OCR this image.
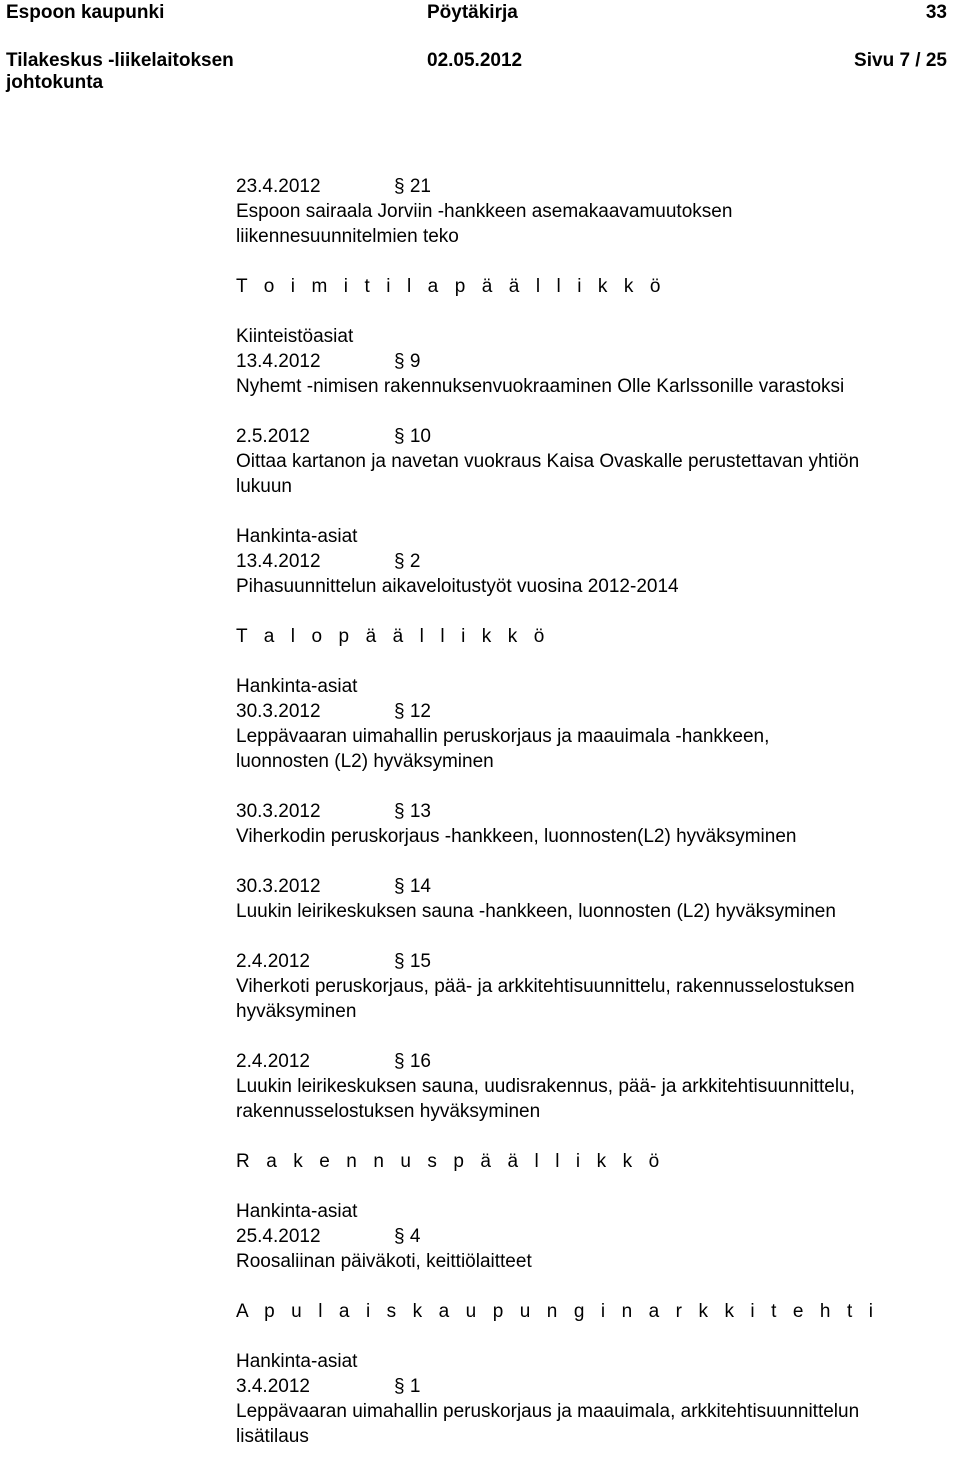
Espoon kaupunki	Pöytäkirja	33
Tilakeskus -liikelaitoksen
johtokunta
02.05.2012	Sivu 7 / 25
23.4.2012	§ 21
Espoon sairaala Jorviin -hankkeen asemakaavamuutoksen
liikennesuunnitelmien teko
T o i m i t i l a p ä ä l l i k k ö
Kiinteistöasiat
13.4.2012	§ 9
Nyhemt -nimisen rakennuksenvuokraaminen Olle Karlssonille varastoksi
2.5.2012	§ 10
Oittaa kartanon ja navetan vuokraus Kaisa Ovaskalle perustettavan yhtiön
lukuun
Hankinta-asiat
13.4.2012	§ 2
Pihasuunnittelun aikaveloitustyöt vuosina 2012-2014
T a l o p ä ä l l i k k ö
Hankinta-asiat
30.3.2012	§ 12
Leppävaaran uimahallin peruskorjaus ja maauimala -hankkeen,
luonnosten (L2) hyväksyminen
30.3.2012	§ 13
Viherkodin peruskorjaus -hankkeen, luonnosten(L2) hyväksyminen
30.3.2012	§ 14
Luukin leirikeskuksen sauna -hankkeen, luonnosten (L2) hyväksyminen
2.4.2012	§ 15
Viherkoti peruskorjaus, pää- ja arkkitehtisuunnittelu, rakennusselostuksen
hyväksyminen
2.4.2012	§ 16
Luukin leirikeskuksen sauna, uudisrakennus, pää- ja arkkitehtisuunnittelu,
rakennusselostuksen hyväksyminen
R a k e n n u s p ä ä l l i k k ö
Hankinta-asiat
25.4.2012	§ 4
Roosaliinan päiväkoti, keittiölaitteet
A p u l a i s k a u p u n g i n a r k k i t e h t i
Hankinta-asiat
3.4.2012	§ 1
Leppävaaran uimahallin peruskorjaus ja maauimala, arkkitehtisuunnittelun
lisätilaus
